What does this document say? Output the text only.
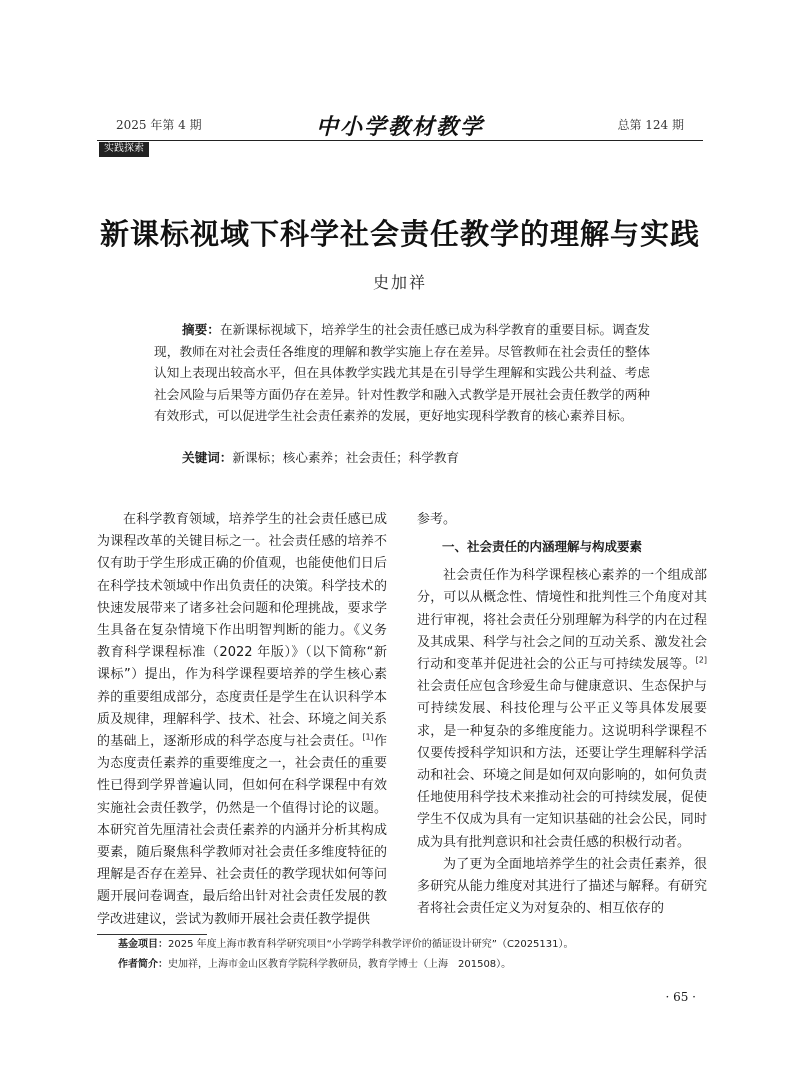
2025 年第 4 期	中小学教材教学	总第 124 期
实践探索
新课标视域下科学社会责任教学的理解与实践
史加祥
摘要：在新课标视域下，培养学生的社会责任感已成为科学教育的重要目标。调查发现，教师在对社会责任各维度的理解和教学实施上存在差异。尽管教师在社会责任的整体认知上表现出较高水平，但在具体教学实践尤其是在引导学生理解和实践公共利益、考虑社会风险与后果等方面仍存在差异。针对性教学和融入式教学是开展社会责任教学的两种有效形式，可以促进学生社会责任素养的发展，更好地实现科学教育的核心素养目标。
关键词：新课标；核心素养；社会责任；科学教育

在科学教育领域，培养学生的社会责任感已成为课程改革的关键目标之一。社会责任感的培养不仅有助于学生形成正确的价值观，也能使他们日后在科学技术领域中作出负责任的决策。科学技术的快速发展带来了诸多社会问题和伦理挑战，要求学生具备在复杂情境下作出明智判断的能力。《义务教育科学课程标准（2022 年版）》（以下简称“新课标”）提出，作为科学课程要培养的学生核心素养的重要组成部分，态度责任是学生在认识科学本质及规律，理解科学、技术、社会、环境之间关系的基础上，逐渐形成的科学态度与社会责任。[1]作为态度责任素养的重要维度之一，社会责任的重要性已得到学界普遍认同，但如何在科学课程中有效实施社会责任教学，仍然是一个值得讨论的议题。本研究首先厘清社会责任素养的内涵并分析其构成要素，随后聚焦科学教师对社会责任多维度特征的理解是否存在差异、社会责任的教学现状如何等问题开展问卷调查，最后给出针对社会责任发展的教学改进建议，尝试为教师开展社会责任教学提供

参考。

一、社会责任的内涵理解与构成要素

社会责任作为科学课程核心素养的一个组成部分，可以从概念性、情境性和批判性三个角度对其进行审视，将社会责任分别理解为科学的内在过程及其成果、科学与社会之间的互动关系、激发社会行动和变革并促进社会的公正与可持续发展等。[2]社会责任应包含珍爱生命与健康意识、生态保护与可持续发展、科技伦理与公平正义等具体发展要求，是一种复杂的多维度能力。这说明科学课程不仅要传授科学知识和方法，还要让学生理解科学活动和社会、环境之间是如何双向影响的，如何负责任地使用科学技术来推动社会的可持续发展，促使学生不仅成为具有一定知识基础的社会公民，同时成为具有批判意识和社会责任感的积极行动者。

为了更为全面地培养学生的社会责任素养，很多研究从能力维度对其进行了描述与解释。有研究者将社会责任定义为对复杂的、相互依存的

基金项目：2025 年度上海市教育科学研究项目“小学跨学科教学评价的循证设计研究”（C2025131）。
作者简介：史加祥，上海市金山区教育学院科学教研员，教育学博士（上海　201508）。
· 65 ·
